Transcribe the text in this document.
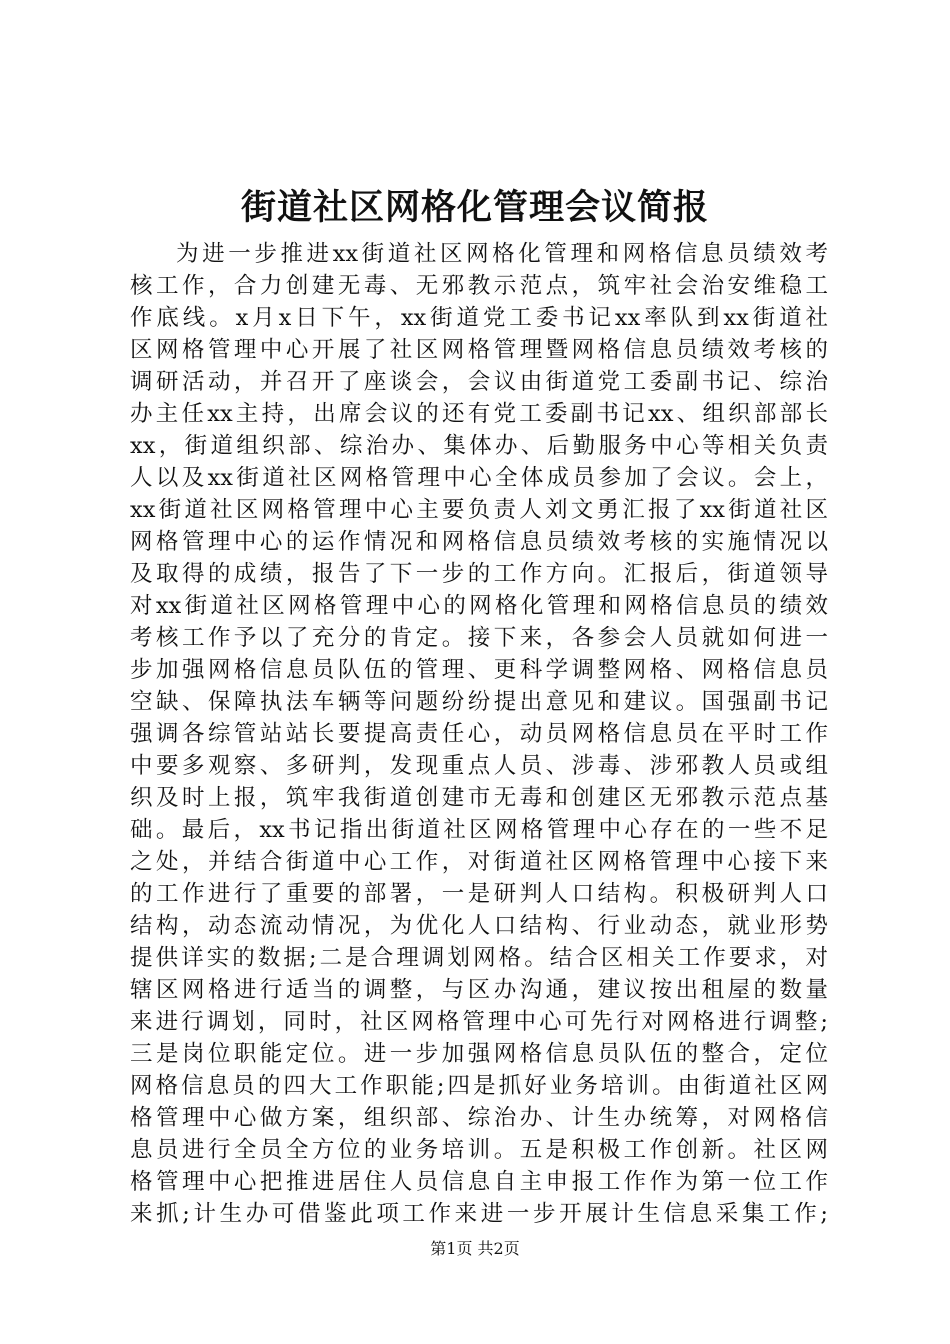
街道社区网格化管理会议简报
为进一步推进xx街道社区网格化管理和网格信息员绩效考
核工作，合力创建无毒、无邪教示范点，筑牢社会治安维稳工
作底线。x月x日下午，xx街道党工委书记xx率队到xx街道社
区网格管理中心开展了社区网格管理暨网格信息员绩效考核的
调研活动，并召开了座谈会，会议由街道党工委副书记、综治
办主任xx主持，出席会议的还有党工委副书记xx、组织部部长
xx，街道组织部、综治办、集体办、后勤服务中心等相关负责
人以及xx街道社区网格管理中心全体成员参加了会议。会上，
xx街道社区网格管理中心主要负责人刘文勇汇报了xx街道社区
网格管理中心的运作情况和网格信息员绩效考核的实施情况以
及取得的成绩，报告了下一步的工作方向。汇报后，街道领导
对xx街道社区网格管理中心的网格化管理和网格信息员的绩效
考核工作予以了充分的肯定。接下来，各参会人员就如何进一
步加强网格信息员队伍的管理、更科学调整网格、网格信息员
空缺、保障执法车辆等问题纷纷提出意见和建议。国强副书记
强调各综管站站长要提高责任心，动员网格信息员在平时工作
中要多观察、多研判，发现重点人员、涉毒、涉邪教人员或组
织及时上报，筑牢我街道创建市无毒和创建区无邪教示范点基
础。最后，xx书记指出街道社区网格管理中心存在的一些不足
之处，并结合街道中心工作，对街道社区网格管理中心接下来
的工作进行了重要的部署，一是研判人口结构。积极研判人口
结构，动态流动情况，为优化人口结构、行业动态，就业形势
提供详实的数据;二是合理调划网格。结合区相关工作要求，对
辖区网格进行适当的调整，与区办沟通，建议按出租屋的数量
来进行调划，同时，社区网格管理中心可先行对网格进行调整;
三是岗位职能定位。进一步加强网格信息员队伍的整合，定位
网格信息员的四大工作职能;四是抓好业务培训。由街道社区网
格管理中心做方案，组织部、综治办、计生办统筹，对网格信
息员进行全员全方位的业务培训。五是积极工作创新。社区网
格管理中心把推进居住人员信息自主申报工作作为第一位工作
来抓;计生办可借鉴此项工作来进一步开展计生信息采集工作;
第1页 共2页
